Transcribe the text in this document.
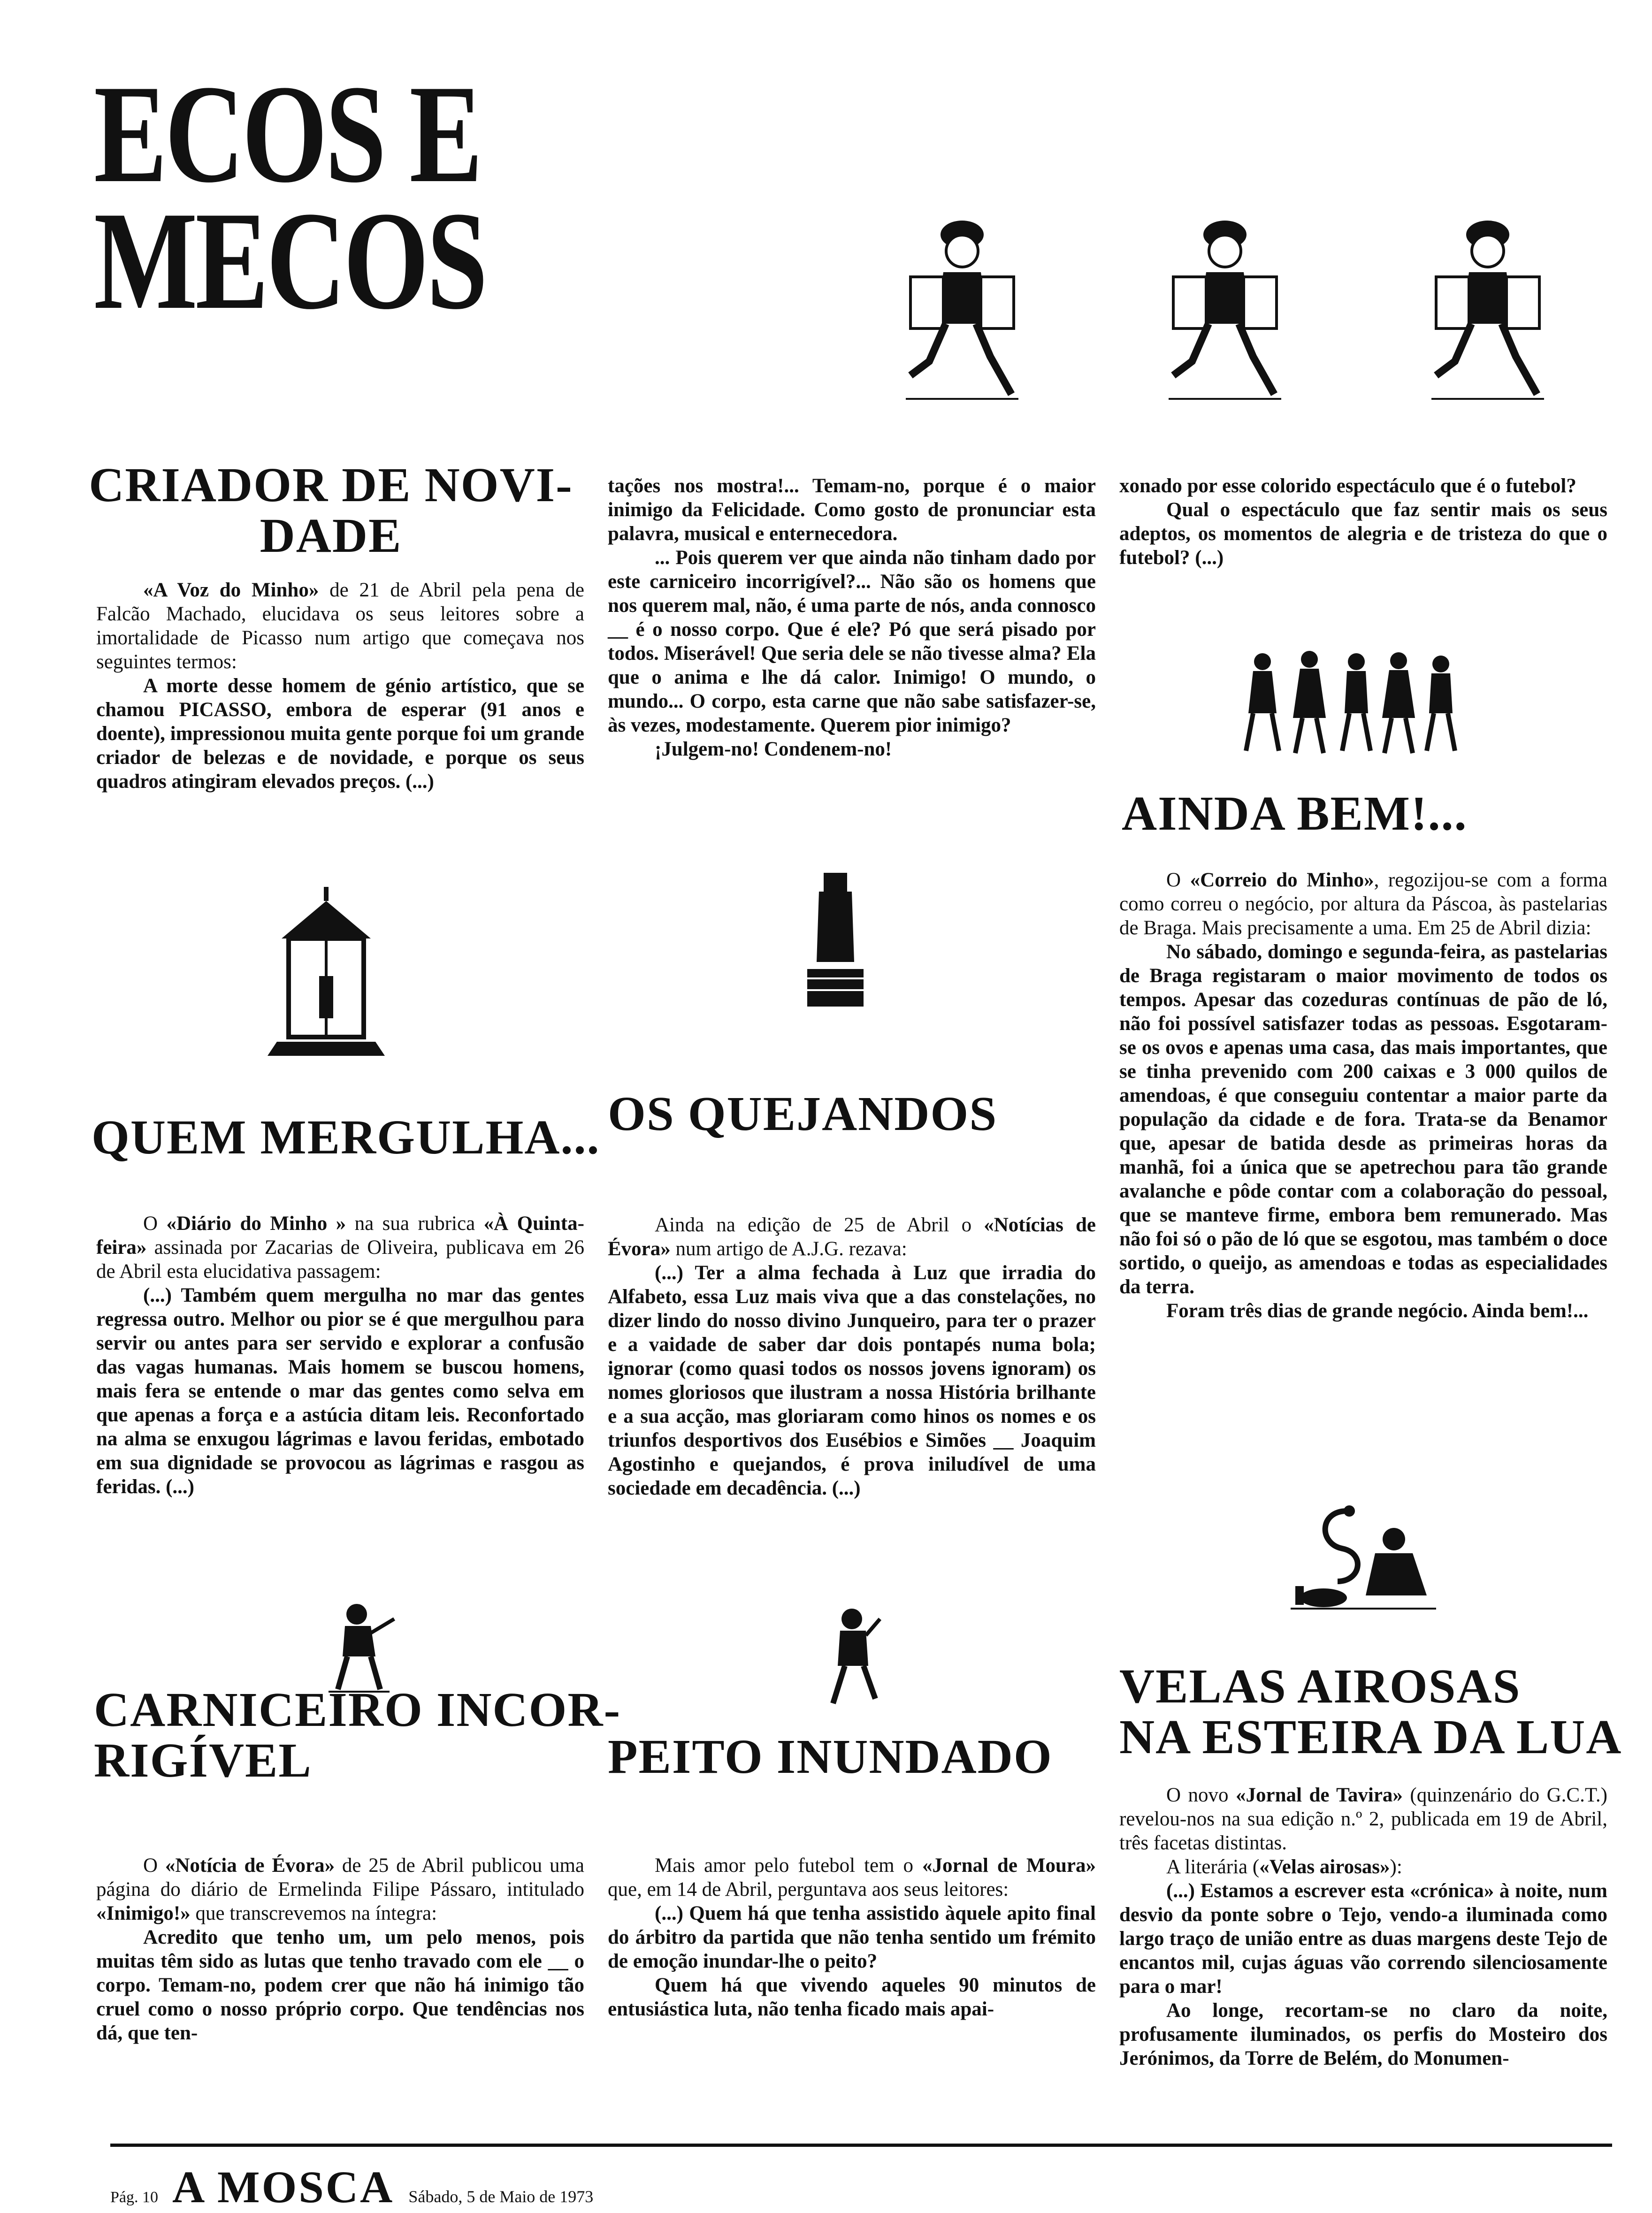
ECOS E
MECOS
CRIADOR DE NOVI-
DADE

«A Voz do Minho» de 21 de Abril pela pena de Falcão Machado, elucidava os seus leitores sobre a imortalidade de Picasso num artigo que começava nos seguintes termos:

A morte desse homem de génio artístico, que se chamou PICASSO, embora de esperar (91 anos e doente), impressionou muita gente porque foi um grande criador de belezas e de novidade, e porque os seus quadros atingiram elevados preços. (...)

QUEM MERGULHA...

O «Diário do Minho » na sua rubrica «À Quinta-feira» assinada por Zacarias de Oliveira, publicava em 26 de Abril esta elucidativa passagem:

(...) Também quem mergulha no mar das gentes regressa outro. Melhor ou pior se é que mergulhou para servir ou antes para ser servido e explorar a confusão das vagas humanas. Mais homem se buscou homens, mais fera se entende o mar das gentes como selva em que apenas a força e a astúcia ditam leis. Reconfortado na alma se enxugou lágrimas e lavou feridas, embotado em sua dignidade se provocou as lágrimas e rasgou as feridas. (...)

CARNICEIRO INCOR-
RIGÍVEL

O «Notícia de Évora» de 25 de Abril publicou uma página do diário de Ermelinda Filipe Pássaro, intitulado «Inimigo!» que transcrevemos na íntegra:

Acredito que tenho um, um pelo menos, pois muitas têm sido as lutas que tenho travado com ele __ o corpo. Temam-no, podem crer que não há inimigo tão cruel como o nosso próprio corpo. Que tendências nos dá, que ten-

tações nos mostra!... Temam-no, porque é o maior inimigo da Felicidade. Como gosto de pronunciar esta palavra, musical e enternecedora.

... Pois querem ver que ainda não tinham dado por este carniceiro incorrigível?... Não são os homens que nos querem mal, não, é uma parte de nós, anda connosco __ é o nosso corpo. Que é ele? Pó que será pisado por todos. Miserável! Que seria dele se não tivesse alma? Ela que o anima e lhe dá calor. Inimigo! O mundo, o mundo... O corpo, esta carne que não sabe satisfazer-se, às vezes, modestamente. Querem pior inimigo?

¡Julgem-no! Condenem-no!

OS QUEJANDOS

Ainda na edição de 25 de Abril o «Notícias de Évora» num artigo de A.J.G. rezava:

(...) Ter a alma fechada à Luz que irradia do Alfabeto, essa Luz mais viva que a das constelações, no dizer lindo do nosso divino Junqueiro, para ter o prazer e a vaidade de saber dar dois pontapés numa bola; ignorar (como quasi todos os nossos jovens ignoram) os nomes gloriosos que ilustram a nossa História brilhante e a sua acção, mas gloriaram como hinos os nomes e os triunfos desportivos dos Eusébios e Simões __ Joaquim Agostinho e quejandos, é prova iniludível de uma sociedade em decadência. (...)

PEITO INUNDADO

Mais amor pelo futebol tem o «Jornal de Moura» que, em 14 de Abril, perguntava aos seus leitores:

(...) Quem há que tenha assistido àquele apito final do árbitro da partida que não tenha sentido um frémito de emoção inundar-lhe o peito?

Quem há que vivendo aqueles 90 minutos de entusiástica luta, não tenha ficado mais apai-

xonado por esse colorido espectáculo que é o futebol?

Qual o espectáculo que faz sentir mais os seus adeptos, os momentos de alegria e de tristeza do que o futebol? (...)

AINDA BEM!...

O «Correio do Minho», regozijou-se com a forma como correu o negócio, por altura da Páscoa, às pastelarias de Braga. Mais precisamente a uma. Em 25 de Abril dizia:

No sábado, domingo e segunda-feira, as pastelarias de Braga registaram o maior movimento de todos os tempos. Apesar das cozeduras contínuas de pão de ló, não foi possível satisfazer todas as pessoas. Esgotaram-se os ovos e apenas uma casa, das mais importantes, que se tinha prevenido com 200 caixas e 3 000 quilos de amendoas, é que conseguiu contentar a maior parte da população da cidade e de fora. Trata-se da Benamor que, apesar de batida desde as primeiras horas da manhã, foi a única que se apetrechou para tão grande avalanche e pôde contar com a colaboração do pessoal, que se manteve firme, embora bem remunerado. Mas não foi só o pão de ló que se esgotou, mas também o doce sortido, o queijo, as amendoas e todas as especialidades da terra.

Foram três dias de grande negócio. Ainda bem!...

VELAS AIROSAS
NA ESTEIRA DA LUA

O novo «Jornal de Tavira» (quinzenário do G.C.T.) revelou-nos na sua edição n.º 2, publicada em 19 de Abril, três facetas distintas.

A literária («Velas airosas»):

(...) Estamos a escrever esta «crónica» à noite, num desvio da ponte sobre o Tejo, vendo-a iluminada como largo traço de união entre as duas margens deste Tejo de encantos mil, cujas águas vão correndo silenciosamente para o mar!

Ao longe, recortam-se no claro da noite, profusamente iluminados, os perfis do Mosteiro dos Jerónimos, da Torre de Belém, do Monumen-

Pág. 10 A MOSCA Sábado, 5 de Maio de 1973
